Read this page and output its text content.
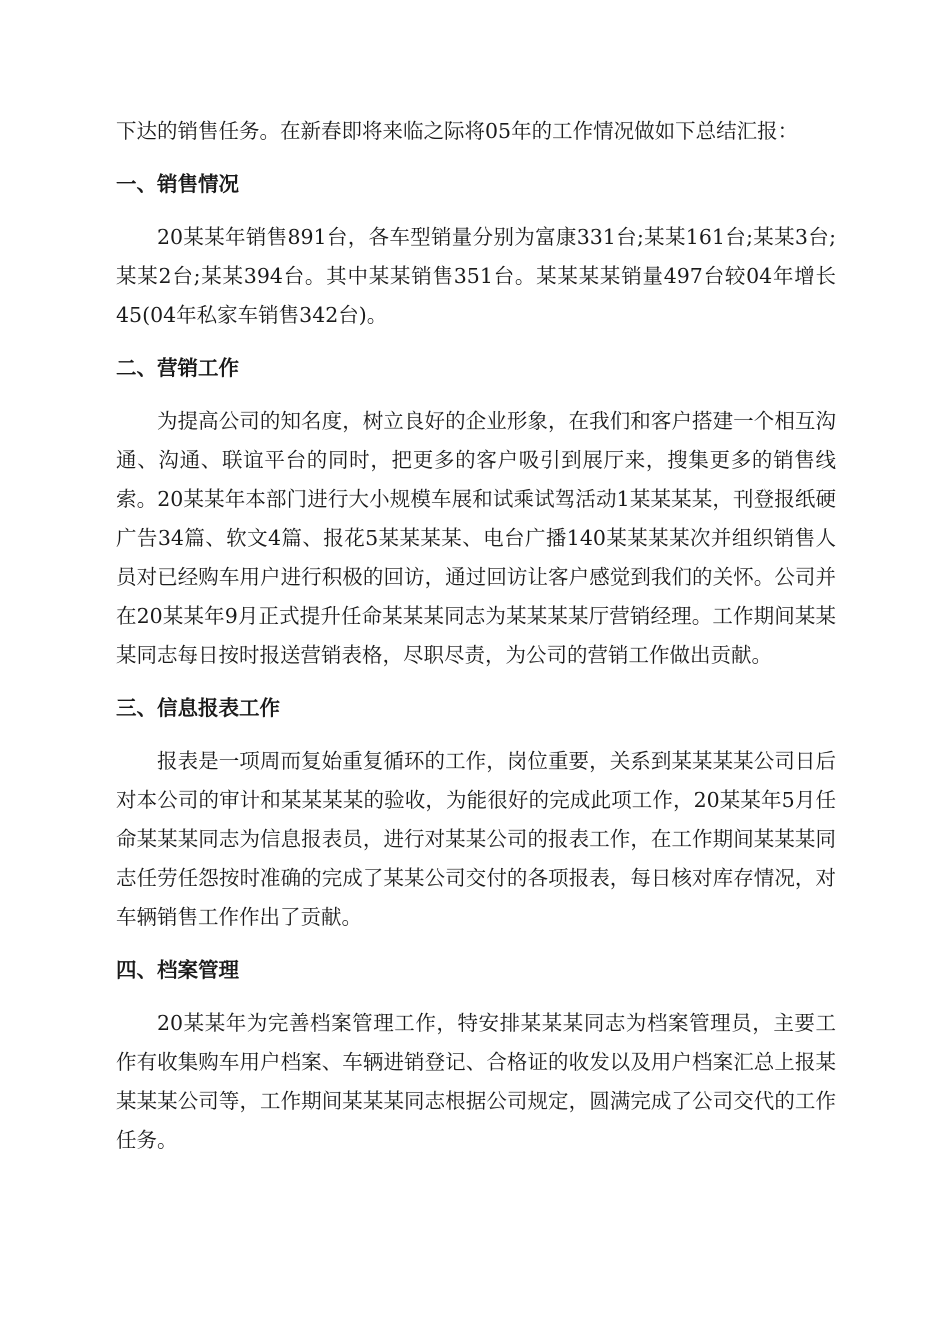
下达的销售任务。在新春即将来临之际将05年的工作情况做如下总结汇报：

一、销售情况

20某某年销售891台，各车型销量分别为富康331台;某某161台;某某3台;某某2台;某某394台。其中某某销售351台。某某某某销量497台较04年增长45(04年私家车销售342台)。

二、营销工作

为提高公司的知名度，树立良好的企业形象，在我们和客户搭建一个相互沟通、沟通、联谊平台的同时，把更多的客户吸引到展厅来，搜集更多的销售线索。20某某年本部门进行大小规模车展和试乘试驾活动1某某某某，刊登报纸硬广告34篇、软文4篇、报花5某某某某、电台广播140某某某某次并组织销售人员对已经购车用户进行积极的回访，通过回访让客户感觉到我们的关怀。公司并在20某某年9月正式提升任命某某某同志为某某某某厅营销经理。工作期间某某某同志每日按时报送营销表格，尽职尽责，为公司的营销工作做出贡献。

三、信息报表工作

报表是一项周而复始重复循环的工作，岗位重要，关系到某某某某公司日后对本公司的审计和某某某某的验收，为能很好的完成此项工作，20某某年5月任命某某某同志为信息报表员，进行对某某公司的报表工作，在工作期间某某某同志任劳任怨按时准确的完成了某某公司交付的各项报表，每日核对库存情况，对车辆销售工作作出了贡献。

四、档案管理

20某某年为完善档案管理工作，特安排某某某同志为档案管理员，主要工作有收集购车用户档案、车辆进销登记、合格证的收发以及用户档案汇总上报某某某某公司等，工作期间某某某同志根据公司规定，圆满完成了公司交代的工作任务。
